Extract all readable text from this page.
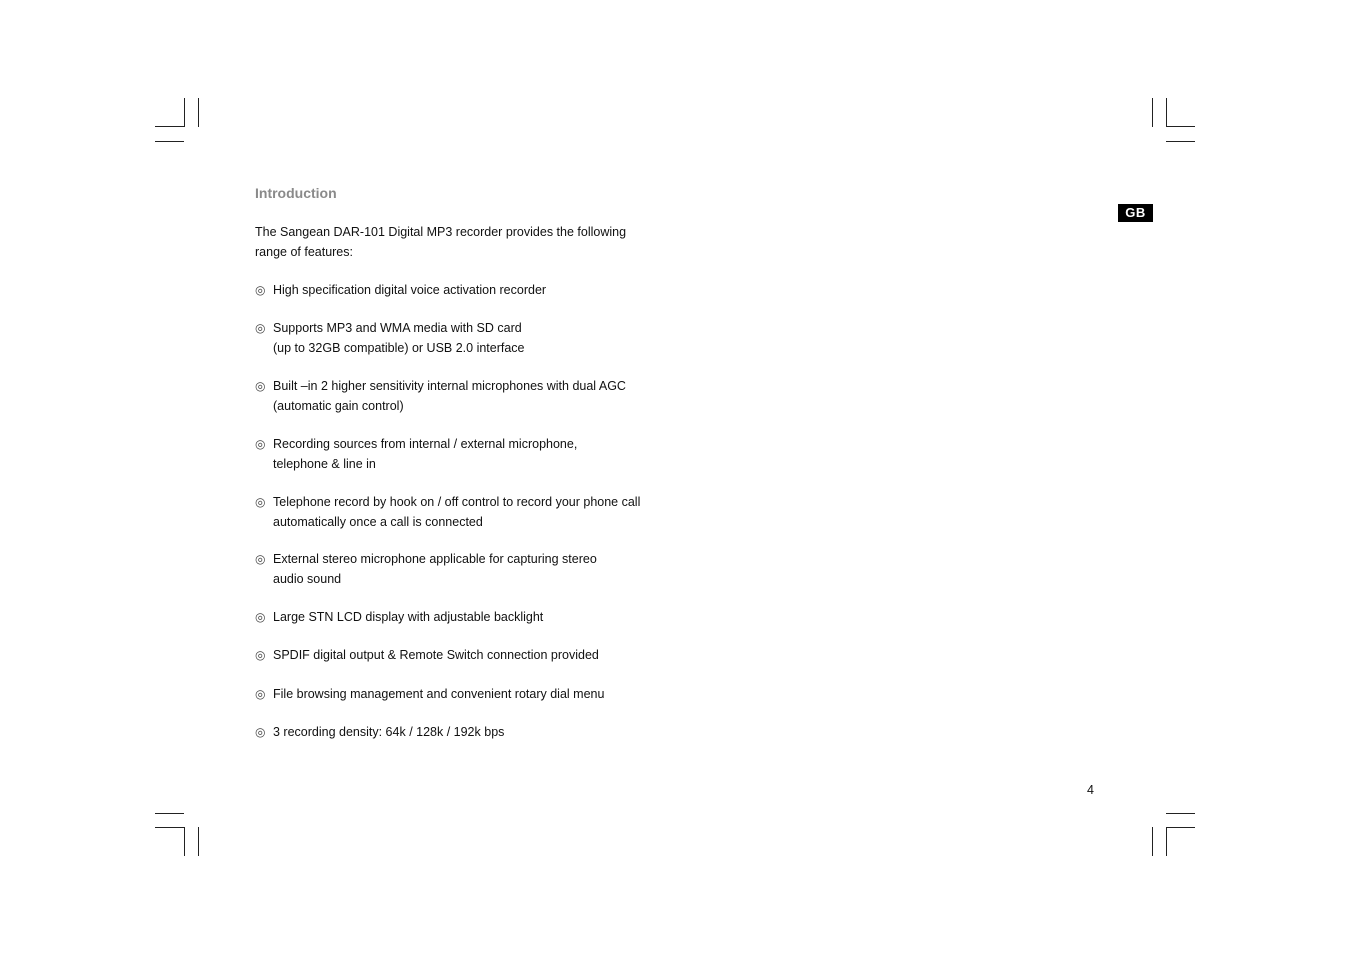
Introduction

The Sangean DAR-101 Digital MP3 recorder provides the following
range of features:

◎ High specification digital voice activation recorder
◎ Supports MP3 and WMA media with SD card
(up to 32GB compatible) or USB 2.0 interface
◎ Built –in 2 higher sensitivity internal microphones with dual AGC
(automatic gain control)
◎ Recording sources from internal / external microphone,
telephone & line in
◎ Telephone record by hook on / off control to record your phone call
automatically once a call is connected
◎ External stereo microphone applicable for capturing stereo
audio sound
◎ Large STN LCD display with adjustable backlight
◎ SPDIF digital output & Remote Switch connection provided
◎ File browsing management and convenient rotary dial menu
◎ 3 recording density: 64k / 128k / 192k bps
GB
4
